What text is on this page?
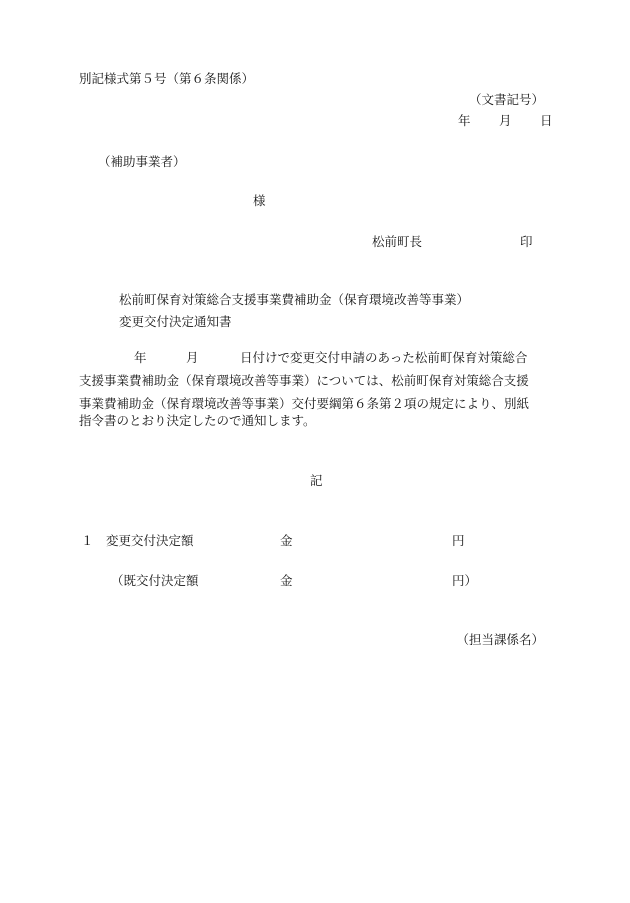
別記様式第５号（第６条関係）
（文書記号）
年 月 日
（補助事業者）
様
松前町長	印
松前町保育対策総合支援事業費補助金（保育環境改善等事業）
変更交付決定通知書
年	月	日付けで変更交付申請のあった松前町保育対策総合
支援事業費補助金（保育環境改善等事業）については、松前町保育対策総合支援
事業費補助金（保育環境改善等事業）交付要綱第６条第２項の規定により、別紙
指令書のとおり決定したので通知します。
記
１ 変更交付決定額	金	円
（既交付決定額	金	円）
（担当課係名）
